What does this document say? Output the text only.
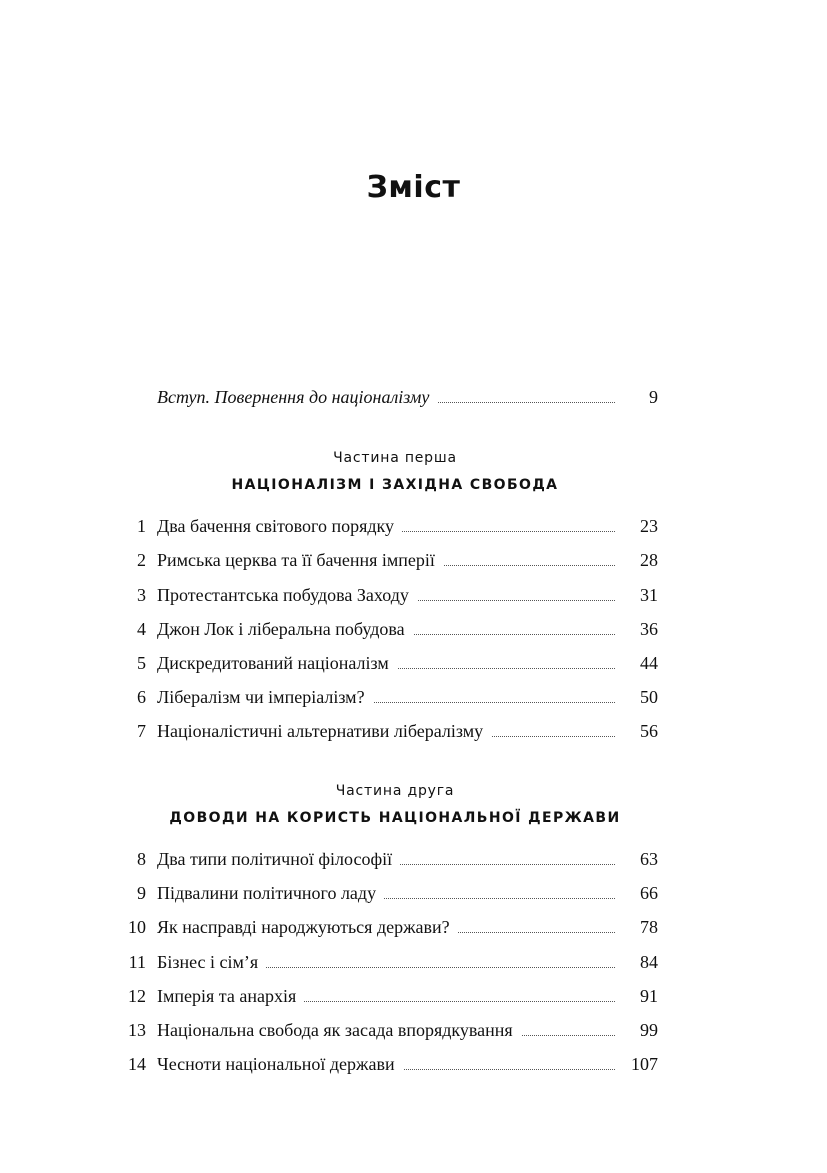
Зміст
Вступ. Повернення до націоналізму	9
Частина перша
НАЦІОНАЛІЗМ І ЗАХІДНА СВОБОДА
1 Два бачення світового порядку	23
2 Римська церква та її бачення імперії	28
3 Протестантська побудова Заходу	31
4 Джон Лок і ліберальна побудова	36
5 Дискредитований націоналізм	44
6 Лібералізм чи імперіалізм?	50
7 Націоналістичні альтернативи лібералізму	56
Частина друга
ДОВОДИ НА КОРИСТЬ НАЦІОНАЛЬНОЇ ДЕРЖАВИ
8 Два типи політичної філософії	63
9 Підвалини політичного ладу	66
10 Як насправді народжуються держави?	78
11 Бізнес і сім’я	84
12 Імперія та анархія	91
13 Національна свобода як засада впорядкування	99
14 Чесноти національної держави	107
